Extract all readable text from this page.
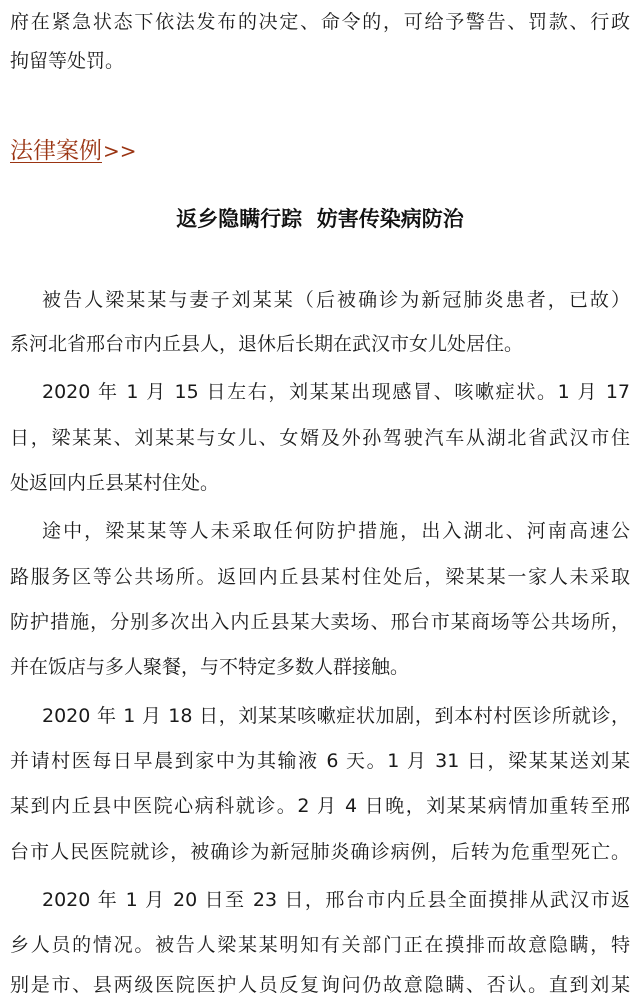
府在紧急状态下依法发布的决定、命令的，可给予警告、罚款、行政
拘留等处罚。
法律案例>>
返乡隐瞒行踪  妨害传染病防治
被告人梁某某与妻子刘某某（后被确诊为新冠肺炎患者，已故）
系河北省邢台市内丘县人，退休后长期在武汉市女儿处居住。
2020 年 1 月 15 日左右，刘某某出现感冒、咳嗽症状。1 月 17
日，梁某某、刘某某与女儿、女婿及外孙驾驶汽车从湖北省武汉市住
处返回内丘县某村住处。
途中，梁某某等人未采取任何防护措施，出入湖北、河南高速公
路服务区等公共场所。返回内丘县某村住处后，梁某某一家人未采取
防护措施，分别多次出入内丘县某大卖场、邢台市某商场等公共场所，
并在饭店与多人聚餐，与不特定多数人群接触。
2020 年 1 月 18 日，刘某某咳嗽症状加剧，到本村村医诊所就诊，
并请村医每日早晨到家中为其输液 6 天。1 月 31 日，梁某某送刘某
某到内丘县中医院心病科就诊。2 月 4 日晚，刘某某病情加重转至邢
台市人民医院就诊，被确诊为新冠肺炎确诊病例，后转为危重型死亡。
2020 年 1 月 20 日至 23 日，邢台市内丘县全面摸排从武汉市返
乡人员的情况。被告人梁某某明知有关部门正在摸排而故意隐瞒，特
别是市、县两级医院医护人员反复询问仍故意隐瞒、否认。直到刘某
